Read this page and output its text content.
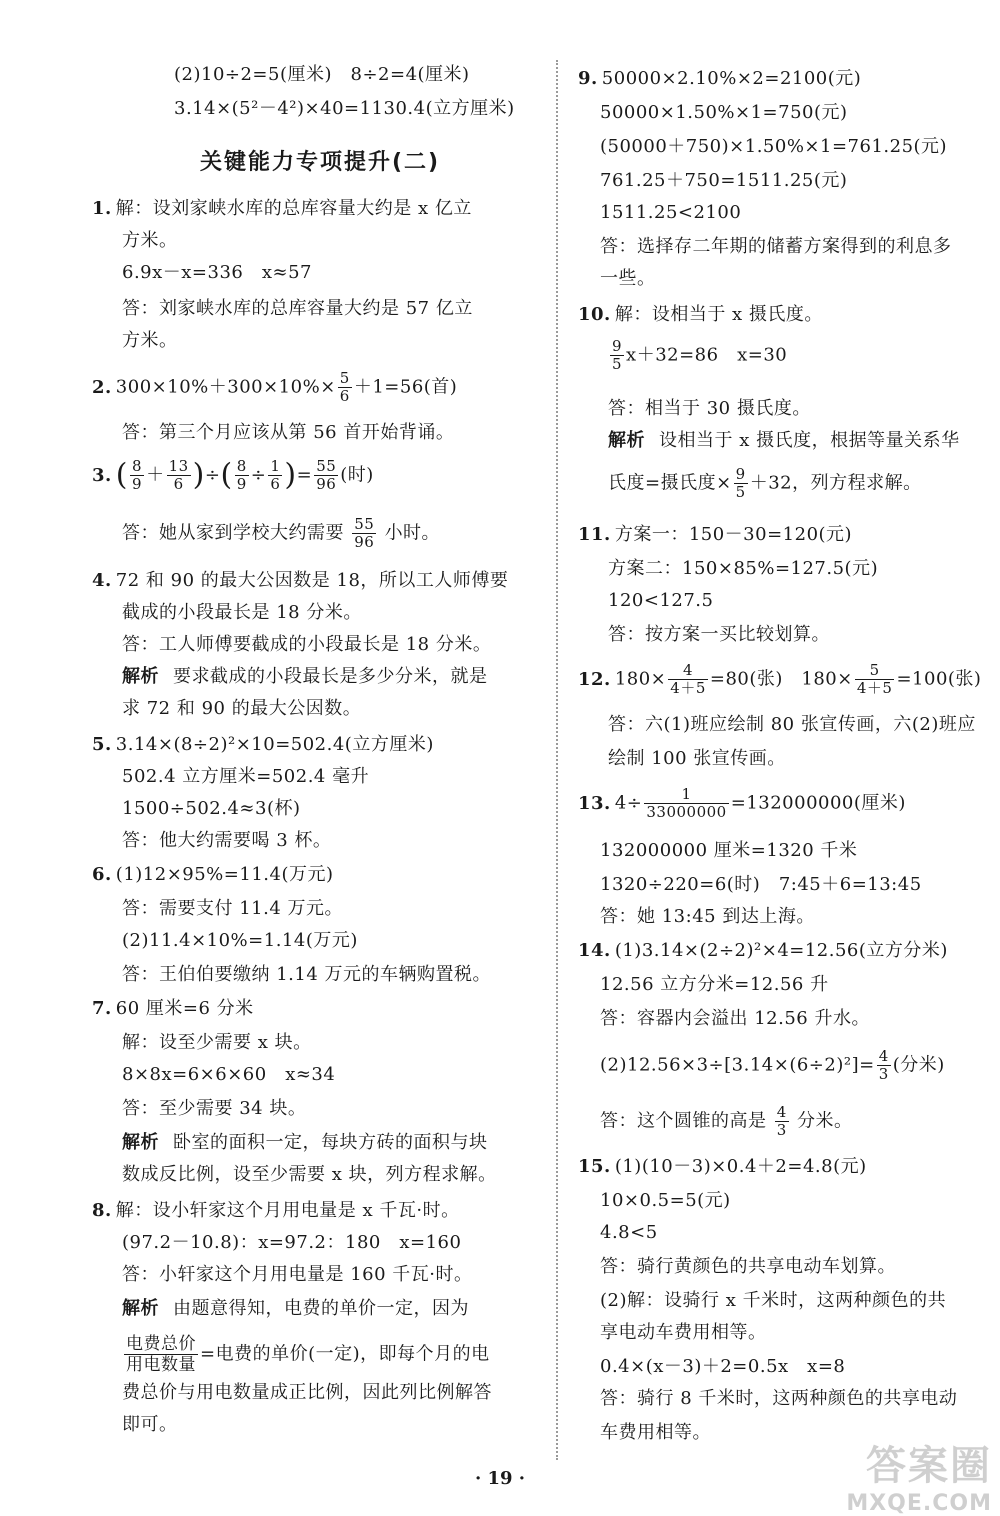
(2)10÷2=5(厘米)　8÷2=4(厘米)
3.14×(5²－4²)×40=1130.4(立方厘米)
关键能力专项提升(二)
1. 解：设刘家峡水库的总库容量大约是 x 亿立
方米。
6.9x－x=336　x≈57
答：刘家峡水库的总库容量大约是 57 亿立
方米。
2. $300\times 10\%+300\times 10\%\times \frac{5}{6} +1=56$(首)
答：第三个月应该从第 56 首开始背诵。
3. ( $\frac{8}{9} + \frac{13}{6}$ )÷( $\frac{8}{9} \div \frac{1}{6}$ )= $\frac{55}{96}$ (时)
答：她从家到学校大约需要 $\frac{55}{96}$ 小时。
4. 72 和 90 的最大公因数是 18，所以工人师傅要
截成的小段最长是 18 分米。
答：工人师傅要截成的小段最长是 18 分米。
解析 要求截成的小段最长是多少分米，就是
求 72 和 90 的最大公因数。
5. 3.14×(8÷2)²×10=502.4(立方厘米)
502.4 立方厘米=502.4 毫升
1500÷502.4≈3(杯)
答：他大约需要喝 3 杯。
6. (1)12×95%=11.4(万元)
答：需要支付 11.4 万元。
(2)11.4×10%=1.14(万元)
答：王伯伯要缴纳 1.14 万元的车辆购置税。
7. 60 厘米=6 分米
解：设至少需要 x 块。
8×8x=6×6×60　x≈34
答：至少需要 34 块。
解析 卧室的面积一定，每块方砖的面积与块
数成反比例，设至少需要 x 块，列方程求解。
8. 解：设小轩家这个月用电量是 x 千瓦·时。
(97.2－10.8)：x=97.2：180　x=160
答：小轩家这个月用电量是 160 千瓦·时。
解析 由题意得知，电费的单价一定，因为
$\frac{\text{电费总价}}{\text{用电数量}}$ =电费的单价(一定)，即每个月的电
费总价与用电数量成正比例，因此列比例解答
即可。
9. 50000×2.10%×2=2100(元)
50000×1.50%×1=750(元)
(50000＋750)×1.50%×1=761.25(元)
761.25＋750=1511.25(元)
1511.25<2100
答：选择存二年期的储蓄方案得到的利息多
一些。
10. 解：设相当于 x 摄氏度。
$\frac{9}{5} x+32=86$　x=30
答：相当于 30 摄氏度。
解析 设相当于 x 摄氏度，根据等量关系华
氏度=摄氏度× $\frac{9}{5} +32$，列方程求解。
11. 方案一：150－30=120(元)
方案二：150×85%=127.5(元)
120<127.5
答：按方案一买比较划算。
12. $180\times \frac{4}{4+5} =80$(张)　$180\times \frac{5}{4+5} =100$(张)
答：六(1)班应绘制 80 张宣传画，六(2)班应
绘制 100 张宣传画。
13. $4\div \frac{1}{33000000} =132000000$(厘米)
132000000 厘米=1320 千米
1320÷220=6(时)　7:45＋6=13:45
答：她 13:45 到达上海。
14. (1)3.14×(2÷2)²×4=12.56(立方分米)
12.56 立方分米=12.56 升
答：容器内会溢出 12.56 升水。
$(2)12.56\times 3\div[3.14\times(6\div 2)^2]= \frac{4}{3}$ (分米)
答：这个圆锥的高是 $\frac{4}{3}$ 分米。
15. (1)(10－3)×0.4＋2=4.8(元)
10×0.5=5(元)
4.8<5
答：骑行黄颜色的共享电动车划算。
(2)解：设骑行 x 千米时，这两种颜色的共
享电动车费用相等。
0.4×(x－3)＋2=0.5x　x=8
答：骑行 8 千米时，这两种颜色的共享电动
车费用相等。
· 19 ·	答案圈
MXQE.COM
